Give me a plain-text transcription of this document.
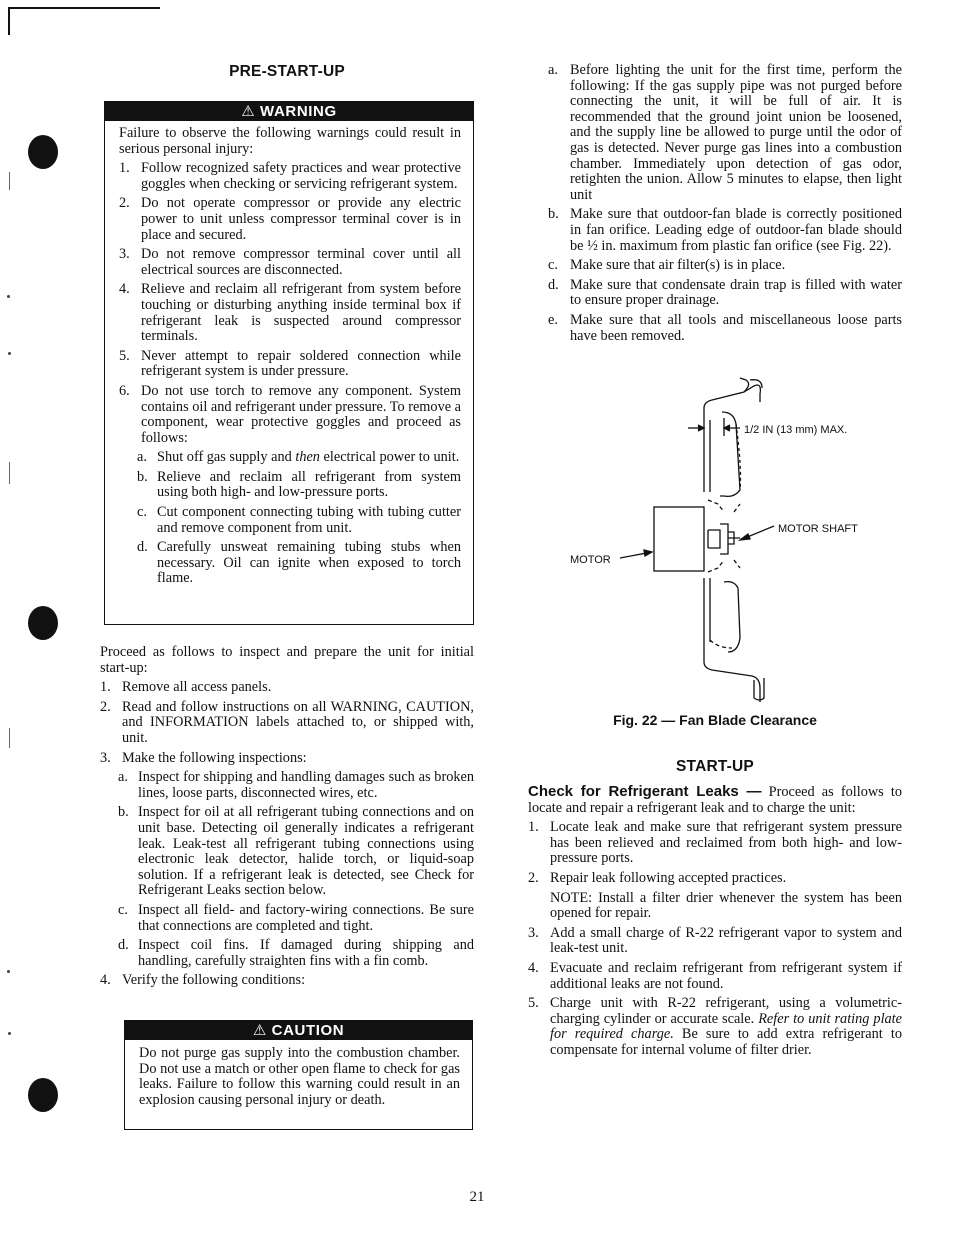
PRE-START-UP
⚠ WARNING

Failure to observe the following warnings could result in serious personal injury:

1. Follow recognized safety practices and wear protective goggles when checking or servicing refrigerant system.
2. Do not operate compressor or provide any electric power to unit unless compressor terminal cover is in place and secured.
3. Do not remove compressor terminal cover until all electrical sources are disconnected.
4. Relieve and reclaim all refrigerant from system before touching or disturbing anything inside terminal box if refrigerant leak is suspected around compressor terminals.
5. Never attempt to repair soldered connection while refrigerant system is under pressure.
6. Do not use torch to remove any component. System contains oil and refrigerant under pressure. To remove a component, wear protective goggles and proceed as follows:
a. Shut off gas supply and then electrical power to unit.
b. Relieve and reclaim all refrigerant from system using both high- and low-pressure ports.
c. Cut component connecting tubing with tubing cutter and remove component from unit.
d. Carefully unsweat remaining tubing stubs when necessary. Oil can ignite when exposed to torch flame.

Proceed as follows to inspect and prepare the unit for initial start-up:

1. Remove all access panels.
2. Read and follow instructions on all WARNING, CAUTION, and INFORMATION labels attached to, or shipped with, unit.
3. Make the following inspections:
a. Inspect for shipping and handling damages such as broken lines, loose parts, disconnected wires, etc.
b. Inspect for oil at all refrigerant tubing connections and on unit base. Detecting oil generally indicates a refrigerant leak. Leak-test all refrigerant tubing connections using electronic leak detector, halide torch, or liquid-soap solution. If a refrigerant leak is detected, see Check for Refrigerant Leaks section below.
c. Inspect all field- and factory-wiring connections. Be sure that connections are completed and tight.
d. Inspect coil fins. If damaged during shipping and handling, carefully straighten fins with a fin comb.
4. Verify the following conditions:
⚠ CAUTION

Do not purge gas supply into the combustion chamber. Do not use a match or other open flame to check for gas leaks. Failure to follow this warning could result in an explosion causing personal injury or death.

a. Before lighting the unit for the first time, perform the following: If the gas supply pipe was not purged before connecting the unit, it will be full of air. It is recommended that the ground joint union be loosened, and the supply line be allowed to purge until the odor of gas is detected. Never purge gas lines into a combustion chamber. Immediately upon detection of gas odor, retighten the union. Allow 5 minutes to elapse, then light unit
b. Make sure that outdoor-fan blade is correctly positioned in fan orifice. Leading edge of outdoor-fan blade should be ½ in. maximum from plastic fan orifice (see Fig. 22).
c. Make sure that air filter(s) is in place.
d. Make sure that condensate drain trap is filled with water to ensure proper drainage.
e. Make sure that all tools and miscellaneous loose parts have been removed.
1/2 IN (13 mm) MAX.
MOTOR SHAFT
MOTOR
Fig. 22 — Fan Blade Clearance
START-UP

Check for Refrigerant Leaks — Proceed as follows to locate and repair a refrigerant leak and to charge the unit:

1. Locate leak and make sure that refrigerant system pressure has been relieved and reclaimed from both high- and low-pressure ports.
2. Repair leak following accepted practices.

NOTE: Install a filter drier whenever the system has been opened for repair.

3. Add a small charge of R-22 refrigerant vapor to system and leak-test unit.
4. Evacuate and reclaim refrigerant from refrigerant system if additional leaks are not found.
5. Charge unit with R-22 refrigerant, using a volumetric-charging cylinder or accurate scale. Refer to unit rating plate for required charge. Be sure to add extra refrigerant to compensate for internal volume of filter drier.
21
